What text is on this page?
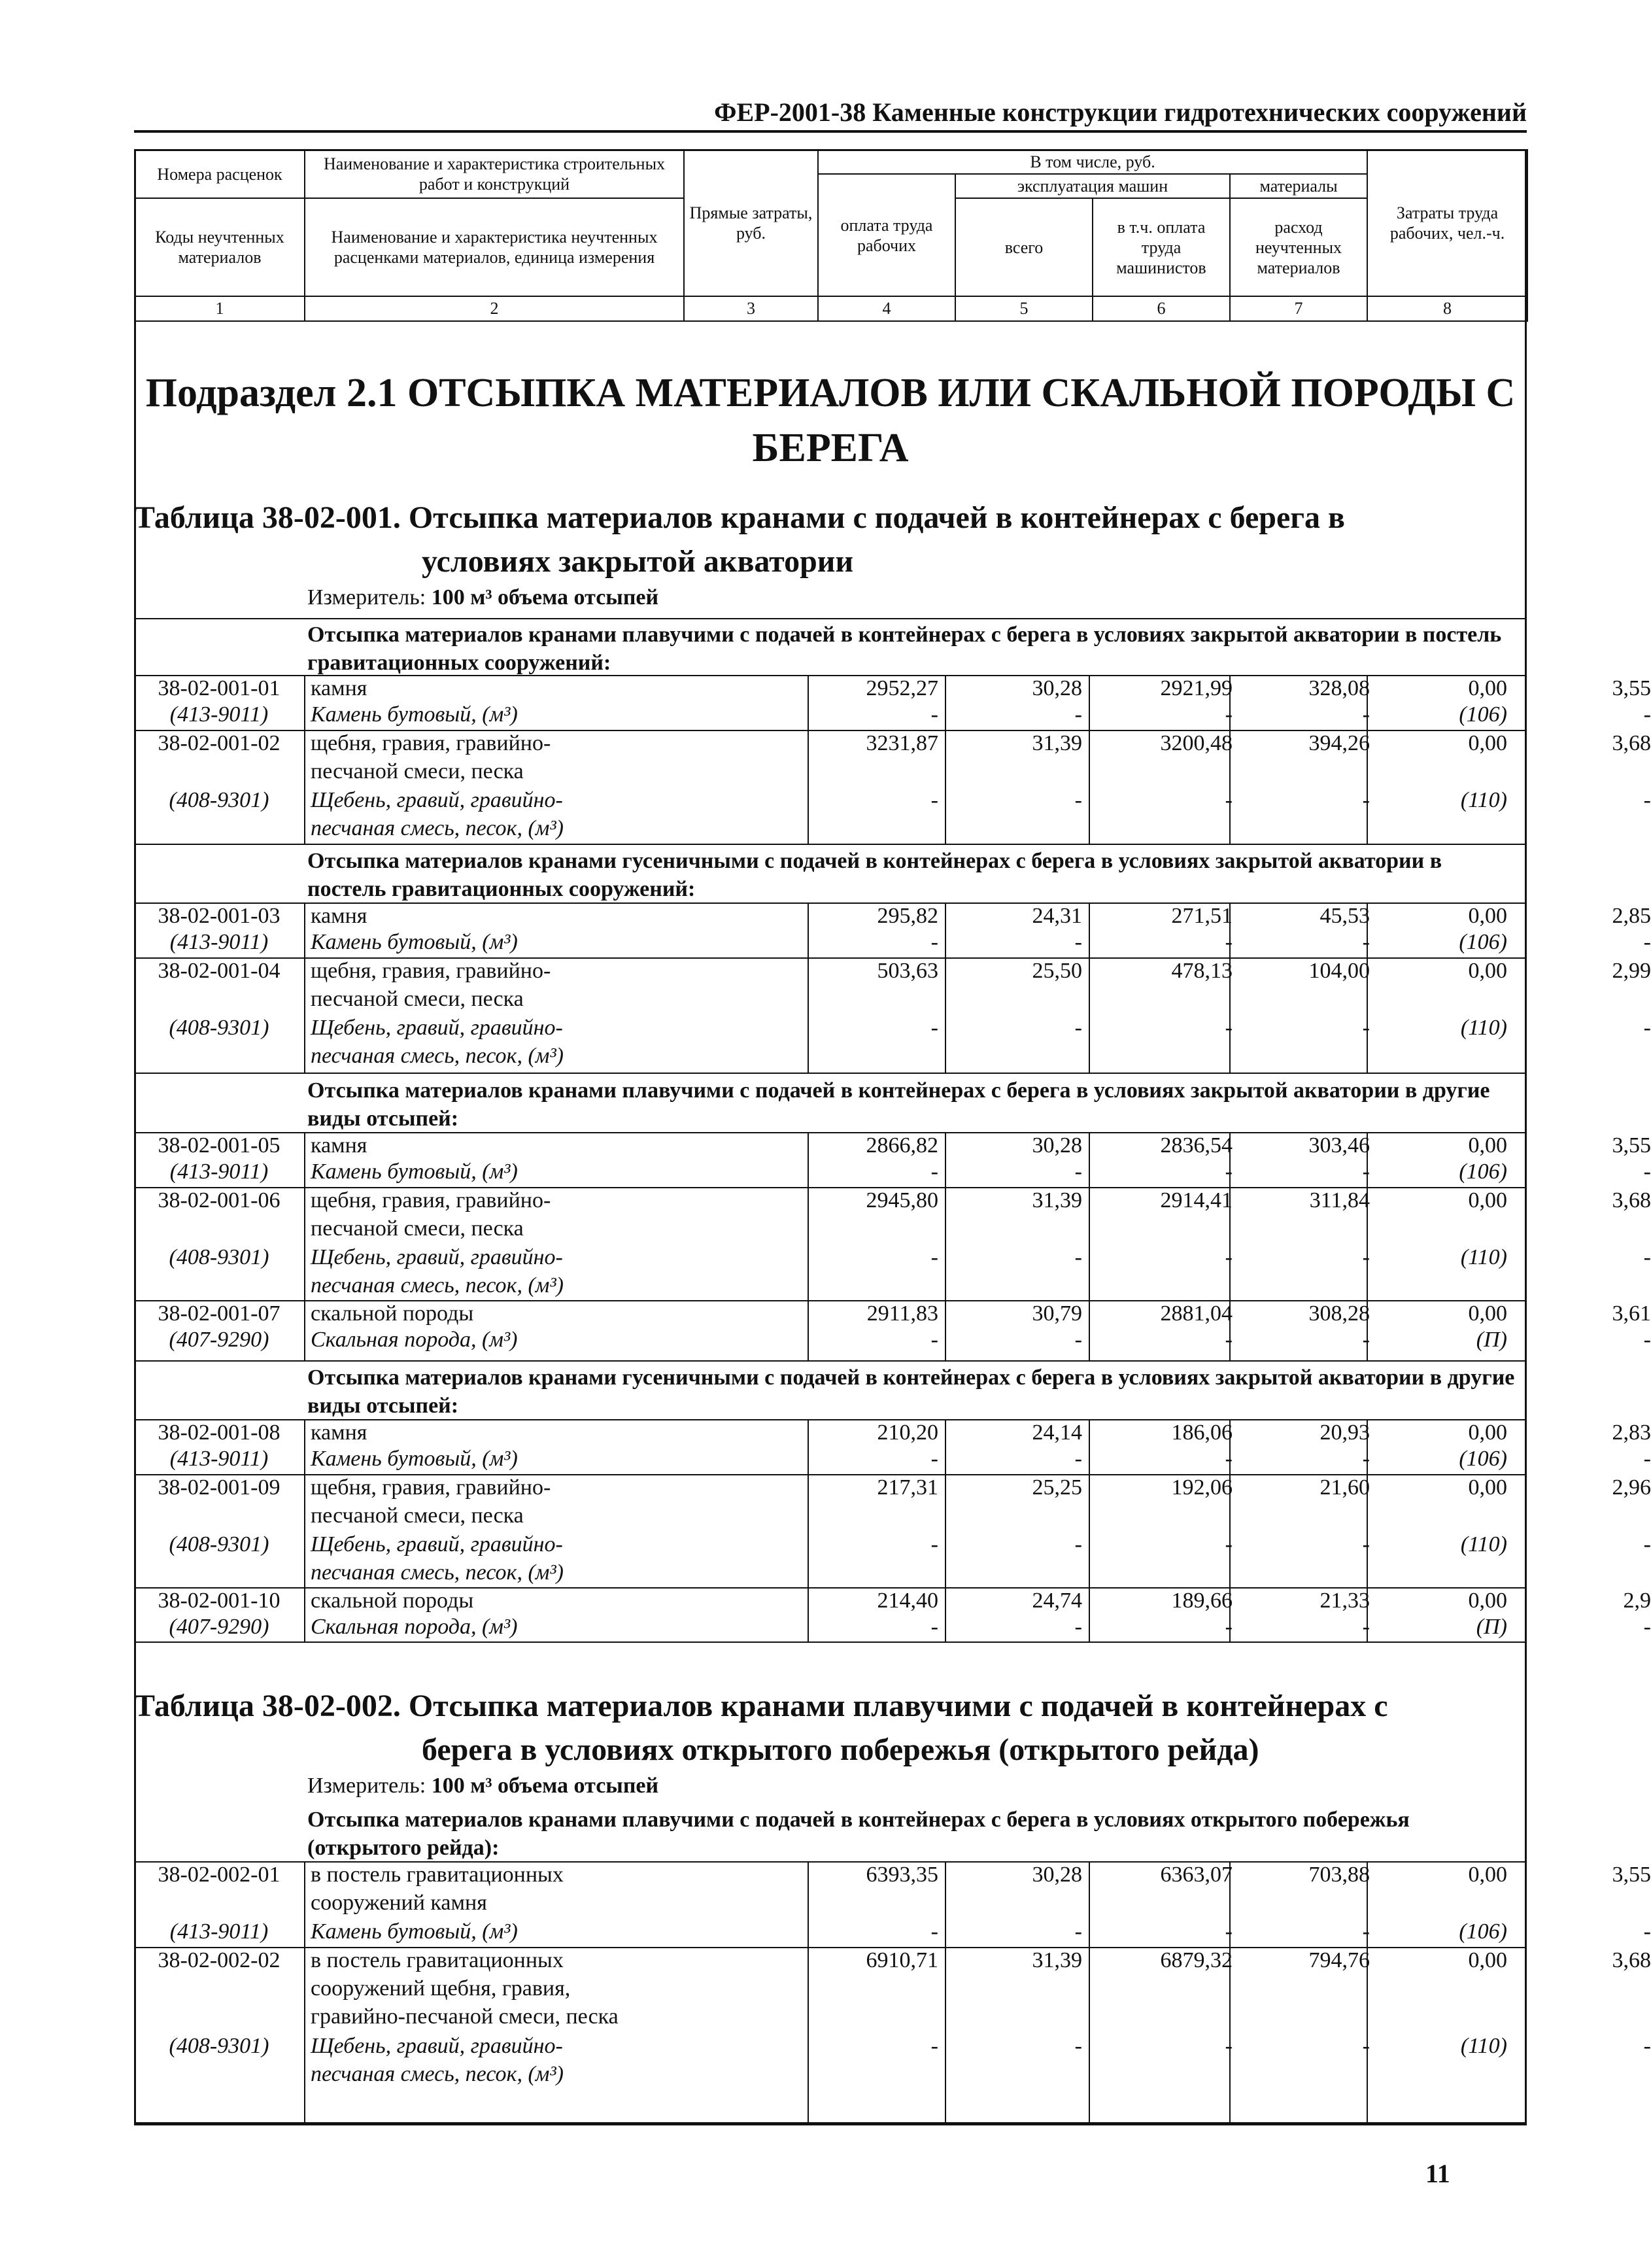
ФЕР-2001-38 Каменные конструкции гидротехнических сооружений
Номера расценок	Наименование и характеристика строительных работ и конструкций	Прямые затраты, руб.	В том числе, руб.				Затраты труда рабочих, чел.-ч.
			оплата труда рабочих	эксплуатация машин		материалы	
Коды неучтенных материалов	Наименование и характеристика неучтенных расценками материалов, единица измерения			всего	в т.ч. оплата труда машинистов	расход неучтенных материалов	

1	2	3	4	5	6	7	8
Подраздел 2.1 ОТСЫПКА МАТЕРИАЛОВ ИЛИ СКАЛЬНОЙ ПОРОДЫ С БЕРЕГА
Таблица 38-02-001. Отсыпка материалов кранами с подачей в контейнерах с берега в
условиях закрытой акватории
Измеритель: 100 м³ объема отсыпей
Отсыпка материалов кранами плавучими с подачей в контейнерах с берега в условиях закрытой акватории в постель гравитационных сооружений:
Отсыпка материалов кранами гусеничными с подачей в контейнерах с берега в условиях закрытой акватории в постель гравитационных сооружений:
Отсыпка материалов кранами плавучими с подачей в контейнерах с берега в условиях закрытой акватории в другие виды отсыпей:
Отсыпка материалов кранами гусеничными с подачей в контейнерах с берега в условиях закрытой акватории в другие виды отсыпей:
Отсыпка материалов кранами плавучими с подачей в контейнерах с берега в условиях открытого побережья (открытого рейда):
Таблица 38-02-002. Отсыпка материалов кранами плавучими с подачей в контейнерах с
берега в условиях открытого побережья (открытого рейда)
Измеритель: 100 м³ объема отсыпей
38-02-001-01	камня	2952,27	30,28	2921,99	328,08	0,00	3,55
(413-9011)	Камень бутовый, (м³)	-	-	-	-	(106)	-
38-02-001-02	щебня, гравия, гравийно-	3231,87	31,39	3200,48	394,26	0,00	3,68
песчаной смеси, песка
(408-9301)	Щебень, гравий, гравийно-	-	-	-	-	(110)	-
песчаная смесь, песок, (м³)
38-02-001-03	камня	295,82	24,31	271,51	45,53	0,00	2,85
(413-9011)	Камень бутовый, (м³)	-	-	-	-	(106)	-
38-02-001-04	щебня, гравия, гравийно-	503,63	25,50	478,13	104,00	0,00	2,99
песчаной смеси, песка
(408-9301)	Щебень, гравий, гравийно-	-	-	-	-	(110)	-
песчаная смесь, песок, (м³)
38-02-001-05	камня	2866,82	30,28	2836,54	303,46	0,00	3,55
(413-9011)	Камень бутовый, (м³)	-	-	-	-	(106)	-
38-02-001-06	щебня, гравия, гравийно-	2945,80	31,39	2914,41	311,84	0,00	3,68
песчаной смеси, песка
(408-9301)	Щебень, гравий, гравийно-	-	-	-	-	(110)	-
песчаная смесь, песок, (м³)
38-02-001-07	скальной породы	2911,83	30,79	2881,04	308,28	0,00	3,61
(407-9290)	Скальная порода, (м³)	-	-	-	-	(П)	-
38-02-001-08	камня	210,20	24,14	186,06	20,93	0,00	2,83
(413-9011)	Камень бутовый, (м³)	-	-	-	-	(106)	-
38-02-001-09	щебня, гравия, гравийно-	217,31	25,25	192,06	21,60	0,00	2,96
песчаной смеси, песка
(408-9301)	Щебень, гравий, гравийно-	-	-	-	-	(110)	-
песчаная смесь, песок, (м³)
38-02-001-10	скальной породы	214,40	24,74	189,66	21,33	0,00	2,9
(407-9290)	Скальная порода, (м³)	-	-	-	-	(П)	-
38-02-002-01	в постель гравитационных	6393,35	30,28	6363,07	703,88	0,00	3,55
сооружений камня
(413-9011)	Камень бутовый, (м³)	-	-	-	-	(106)	-
38-02-002-02	в постель гравитационных	6910,71	31,39	6879,32	794,76	0,00	3,68
сооружений щебня, гравия,
гравийно-песчаной смеси, песка
(408-9301)	Щебень, гравий, гравийно-	-	-	-	-	(110)	-
песчаная смесь, песок, (м³)
11
